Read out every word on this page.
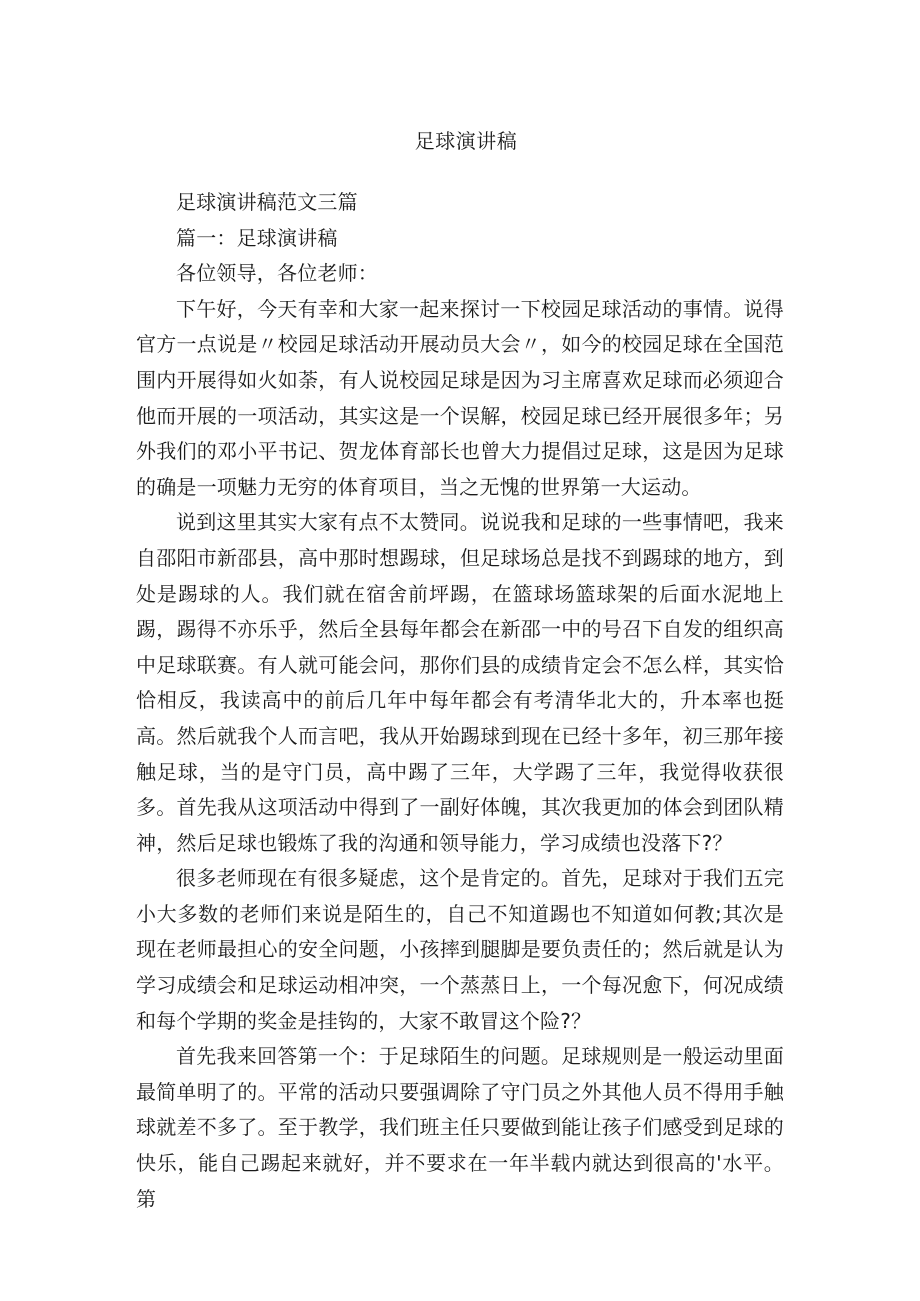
足球演讲稿

足球演讲稿范文三篇

篇一：足球演讲稿

各位领导，各位老师：

下午好，今天有幸和大家一起来探讨一下校园足球活动的事情。说得官方一点说是〃校园足球活动开展动员大会〃，如今的校园足球在全国范围内开展得如火如荼，有人说校园足球是因为习主席喜欢足球而必须迎合他而开展的一项活动，其实这是一个误解，校园足球已经开展很多年；另外我们的邓小平书记、贺龙体育部长也曾大力提倡过足球，这是因为足球的确是一项魅力无穷的体育项目，当之无愧的世界第一大运动。

说到这里其实大家有点不太赞同。说说我和足球的一些事情吧，我来自邵阳市新邵县，高中那时想踢球，但足球场总是找不到踢球的地方，到处是踢球的人。我们就在宿舍前坪踢，在篮球场篮球架的后面水泥地上踢，踢得不亦乐乎，然后全县每年都会在新邵一中的号召下自发的组织高中足球联赛。有人就可能会问，那你们县的成绩肯定会不怎么样，其实恰恰相反，我读高中的前后几年中每年都会有考清华北大的，升本率也挺高。然后就我个人而言吧，我从开始踢球到现在已经十多年，初三那年接触足球，当的是守门员，高中踢了三年，大学踢了三年，我觉得收获很多。首先我从这项活动中得到了一副好体魄，其次我更加的体会到团队精神，然后足球也锻炼了我的沟通和领导能力，学习成绩也没落下?？

很多老师现在有很多疑虑，这个是肯定的。首先，足球对于我们五完小大多数的老师们来说是陌生的，自己不知道踢也不知道如何教;其次是现在老师最担心的安全问题，小孩摔到腿脚是要负责任的；然后就是认为学习成绩会和足球运动相冲突，一个蒸蒸日上，一个每况愈下，何况成绩和每个学期的奖金是挂钩的，大家不敢冒这个险?？

首先我来回答第一个：于足球陌生的问题。足球规则是一般运动里面最简单明了的。平常的活动只要强调除了守门员之外其他人员不得用手触球就差不多了。至于教学，我们班主任只要做到能让孩子们感受到足球的快乐，能自己踢起来就好，并不要求在一年半载内就达到很高的'水平。第
